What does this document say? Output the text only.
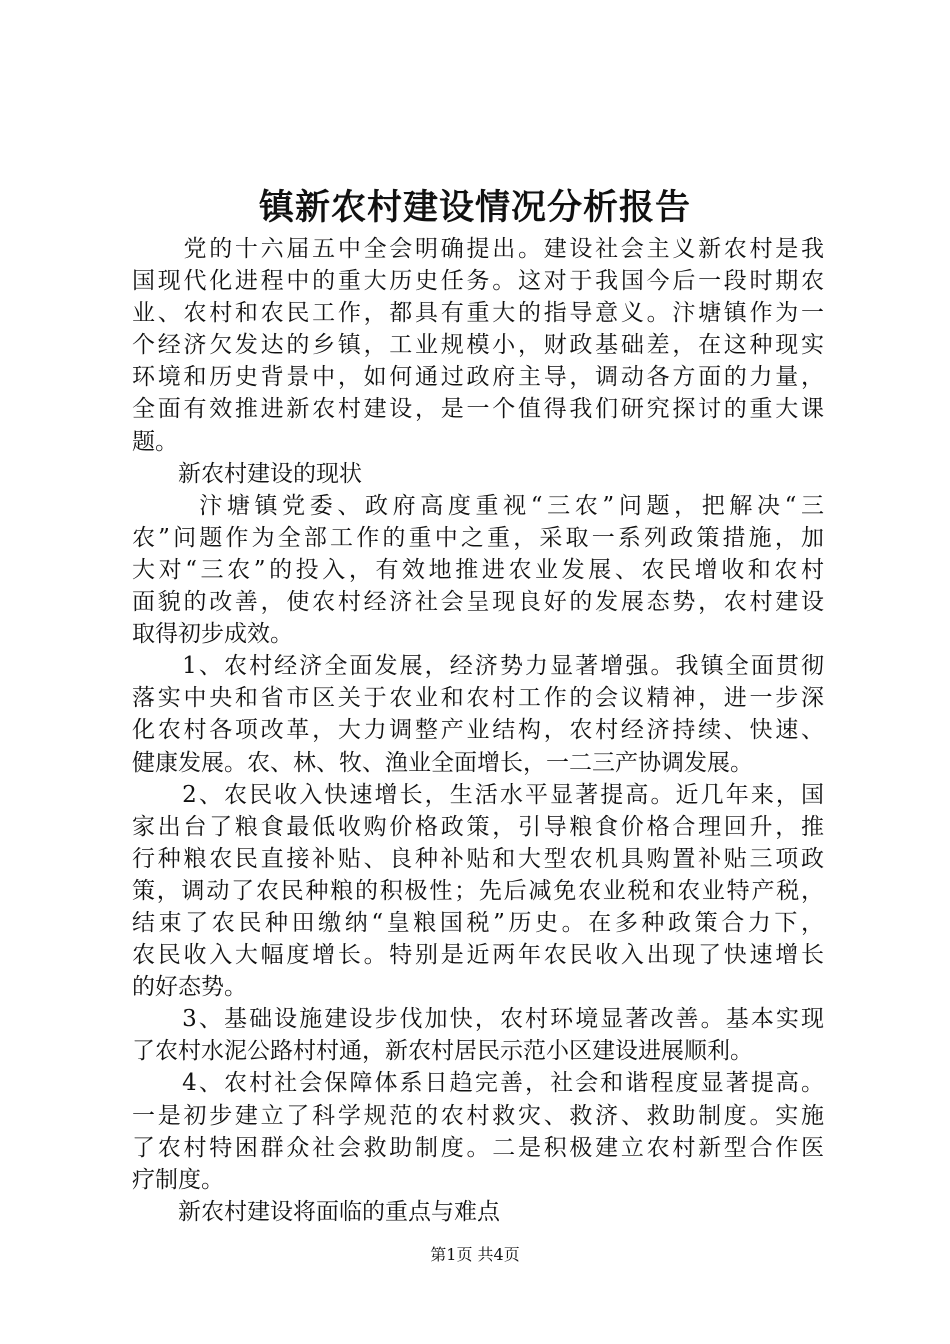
镇新农村建设情况分析报告
　　党的十六届五中全会明确提出。建设社会主义新农村是我
国现代化进程中的重大历史任务。这对于我国今后一段时期农
业、农村和农民工作，都具有重大的指导意义。汴塘镇作为一
个经济欠发达的乡镇，工业规模小，财政基础差，在这种现实
环境和历史背景中，如何通过政府主导，调动各方面的力量，
全面有效推进新农村建设，是一个值得我们研究探讨的重大课
题。
　　新农村建设的现状
　　 汴塘镇党委、政府高度重视“三农”问题，把解决“三
农”问题作为全部工作的重中之重，采取一系列政策措施，加
大对“三农”的投入，有效地推进农业发展、农民增收和农村
面貌的改善，使农村经济社会呈现良好的发展态势，农村建设
取得初步成效。
　　1、农村经济全面发展，经济势力显著增强。我镇全面贯彻
落实中央和省市区关于农业和农村工作的会议精神，进一步深
化农村各项改革，大力调整产业结构，农村经济持续、快速、
健康发展。农、林、牧、渔业全面增长，一二三产协调发展。
　　2、农民收入快速增长，生活水平显著提高。近几年来，国
家出台了粮食最低收购价格政策，引导粮食价格合理回升，推
行种粮农民直接补贴、良种补贴和大型农机具购置补贴三项政
策，调动了农民种粮的积极性；先后减免农业税和农业特产税，
结束了农民种田缴纳“皇粮国税”历史。在多种政策合力下，
农民收入大幅度增长。特别是近两年农民收入出现了快速增长
的好态势。
　　3、基础设施建设步伐加快，农村环境显著改善。基本实现
了农村水泥公路村村通，新农村居民示范小区建设进展顺利。
　　4、农村社会保障体系日趋完善，社会和谐程度显著提高。
一是初步建立了科学规范的农村救灾、救济、救助制度。实施
了农村特困群众社会救助制度。二是积极建立农村新型合作医
疗制度。
　　新农村建设将面临的重点与难点
第1页 共4页
